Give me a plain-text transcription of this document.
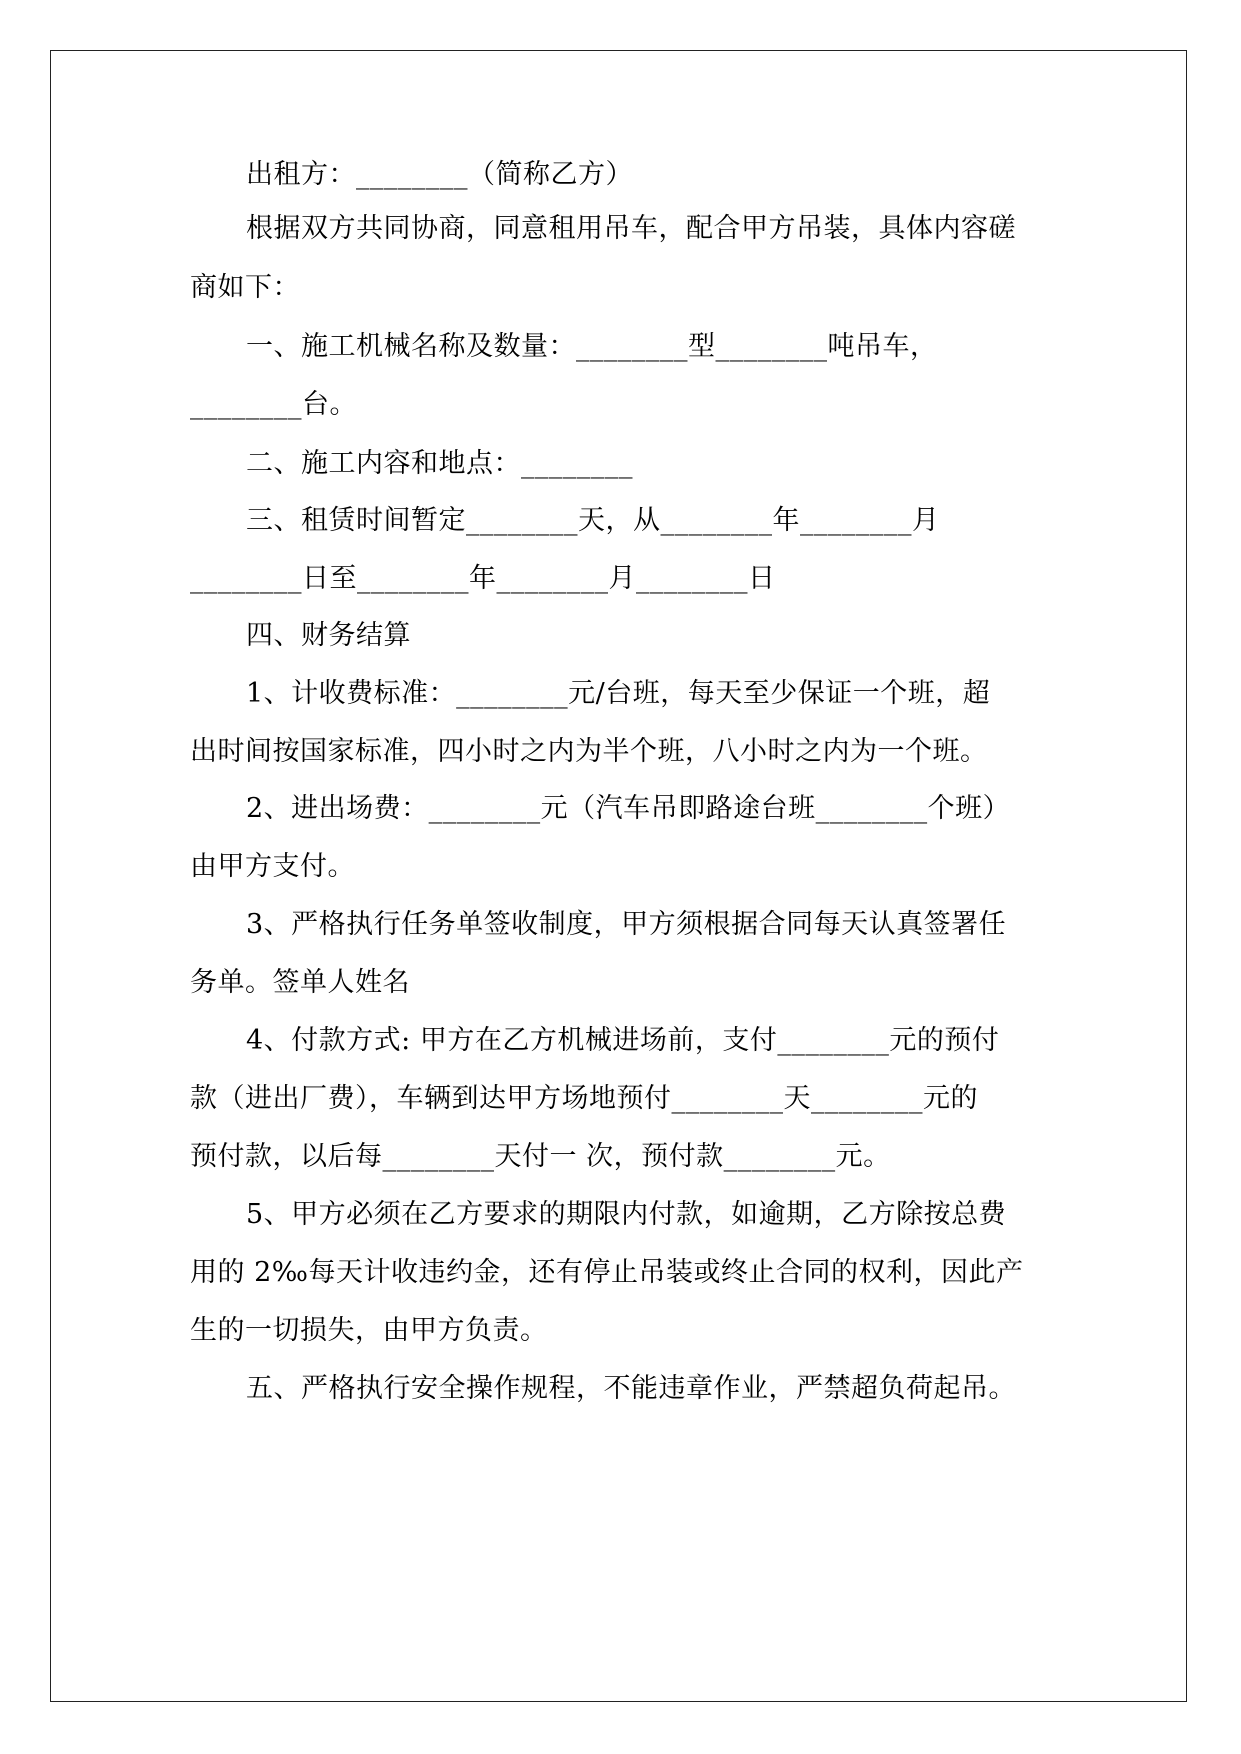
出租方：________（简称乙方）
根据双方共同协商，同意租用吊车，配合甲方吊装，具体内容磋
商如下：
一、施工机械名称及数量：________型________吨吊车，
________台。
二、施工内容和地点：________
三、租赁时间暂定________天，从________年________月
________日至________年________月________日
四、财务结算
1、计收费标准：________元/台班，每天至少保证一个班，超
出时间按国家标准，四小时之内为半个班，八小时之内为一个班。
2、进出场费：________元（汽车吊即路途台班________个班）
由甲方支付。
3、严格执行任务单签收制度，甲方须根据合同每天认真签署任
务单。签单人姓名
4、付款方式: 甲方在乙方机械进场前，支付________元的预付
款（进出厂费），车辆到达甲方场地预付________天________元的
预付款，以后每________天付一 次，预付款________元。
5、甲方必须在乙方要求的期限内付款，如逾期，乙方除按总费
用的 2‰每天计收违约金，还有停止吊装或终止合同的权利，因此产
生的一切损失，由甲方负责。
五、严格执行安全操作规程，不能违章作业，严禁超负荷起吊。
